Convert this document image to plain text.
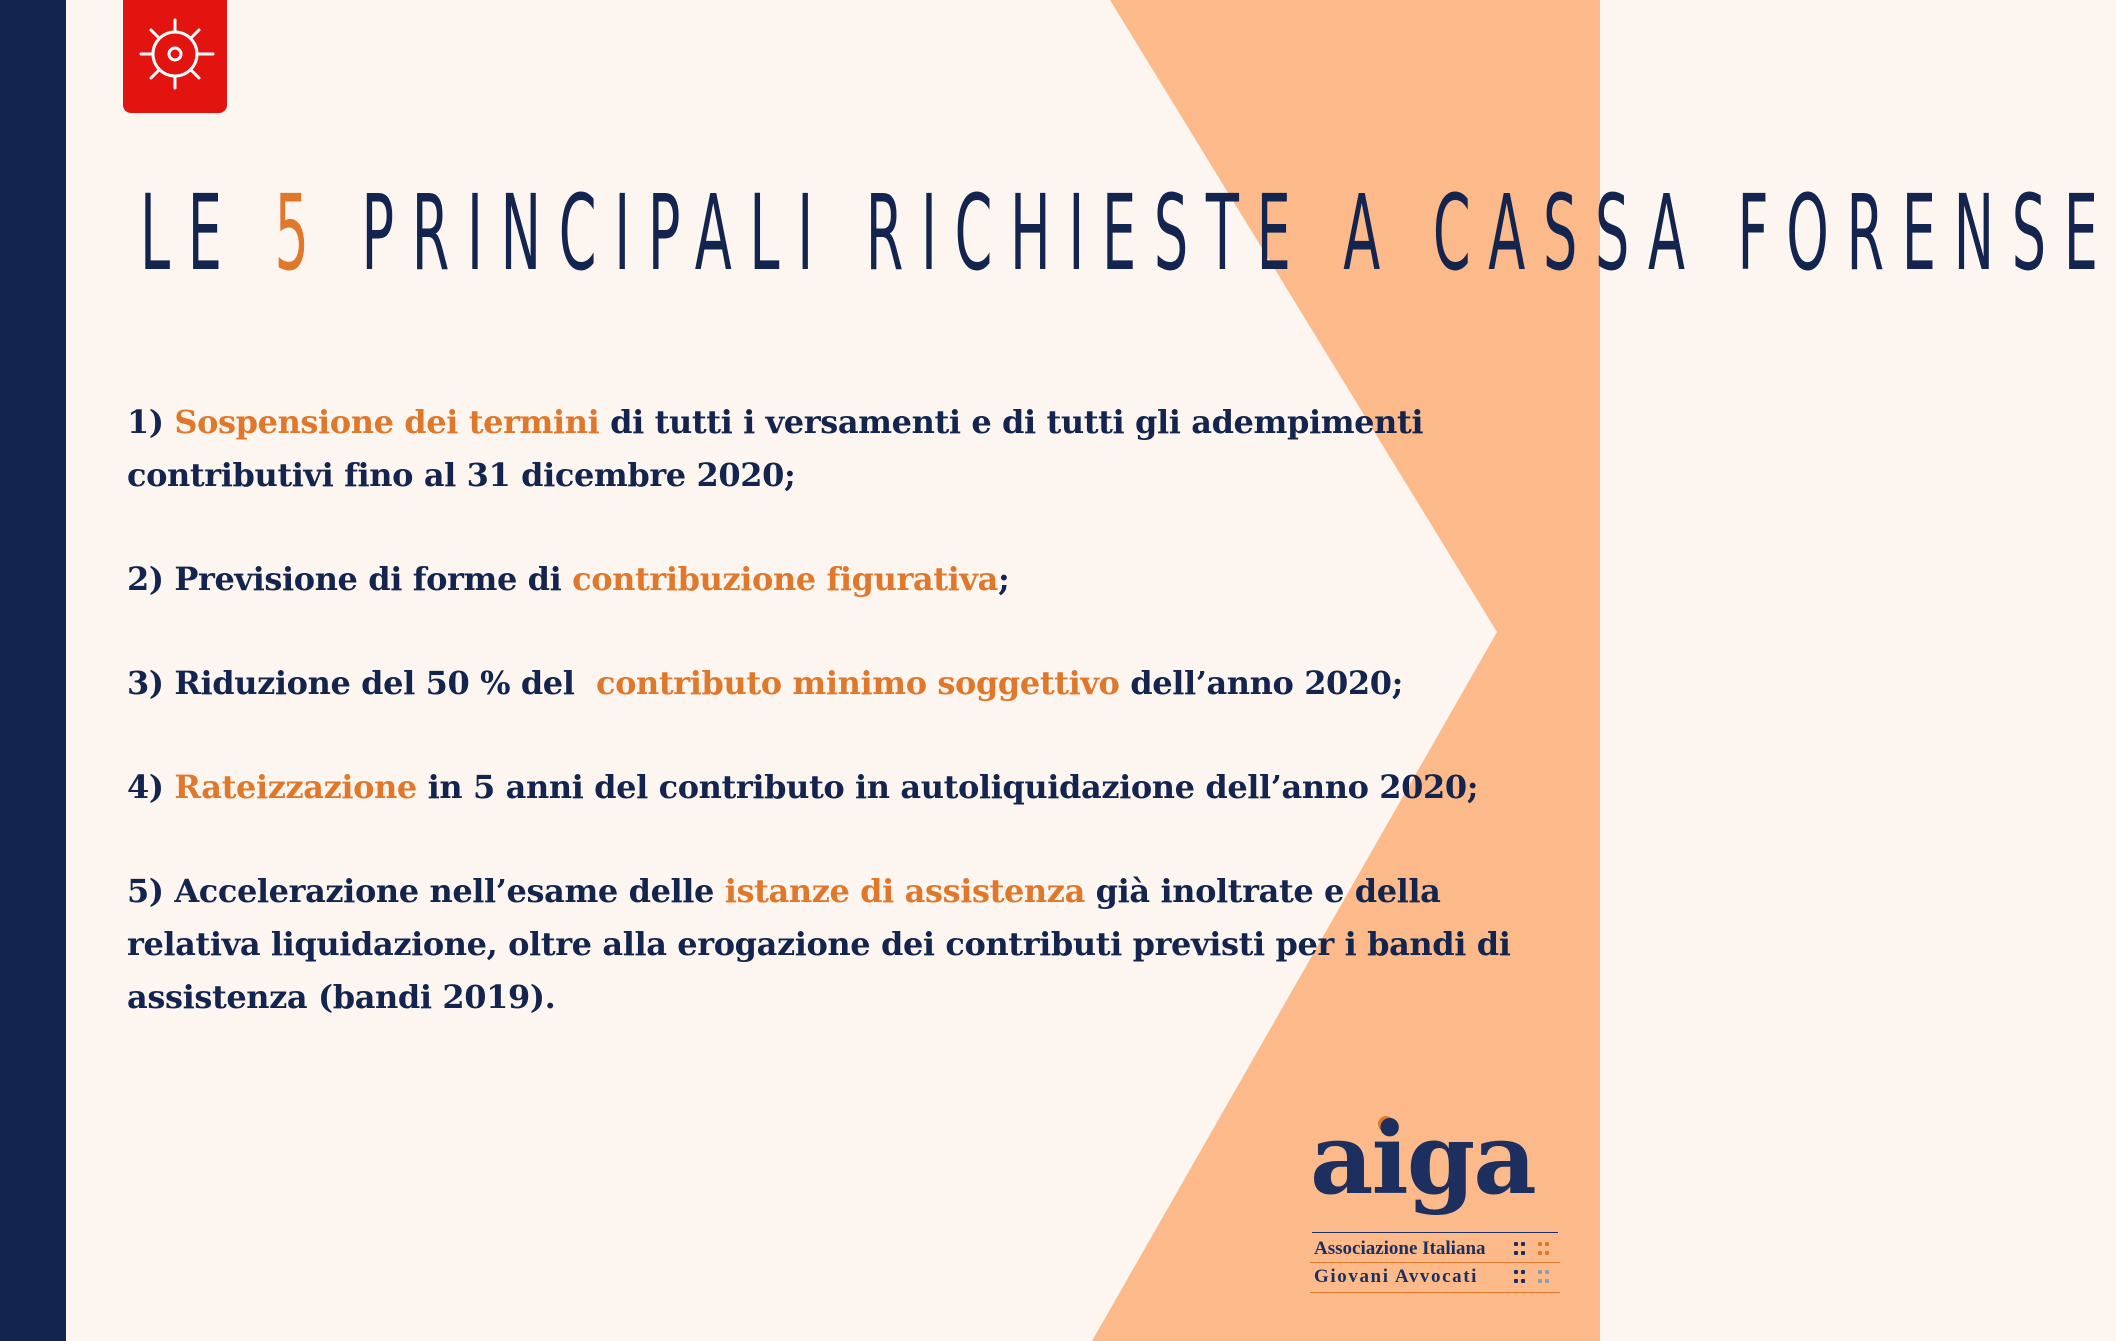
LE 5 PRINCIPALI RICHIESTE A CASSA FORENSE

1) Sospensione dei termini di tutti i versamenti e di tutti gli adempimenti
contributivi fino al 31 dicembre 2020;

2) Previsione di forme di contribuzione figurativa;

3) Riduzione del 50 % del  contributo minimo soggettivo dell’anno 2020;

4) Rateizzazione in 5 anni del contributo in autoliquidazione dell’anno 2020;

5) Accelerazione nell’esame delle istanze di assistenza già inoltrate e della
relativa liquidazione, oltre alla erogazione dei contributi previsti per i bandi di
assistenza (bandi 2019).

aiga
Associazione Italiana
Giovani Avvocati
